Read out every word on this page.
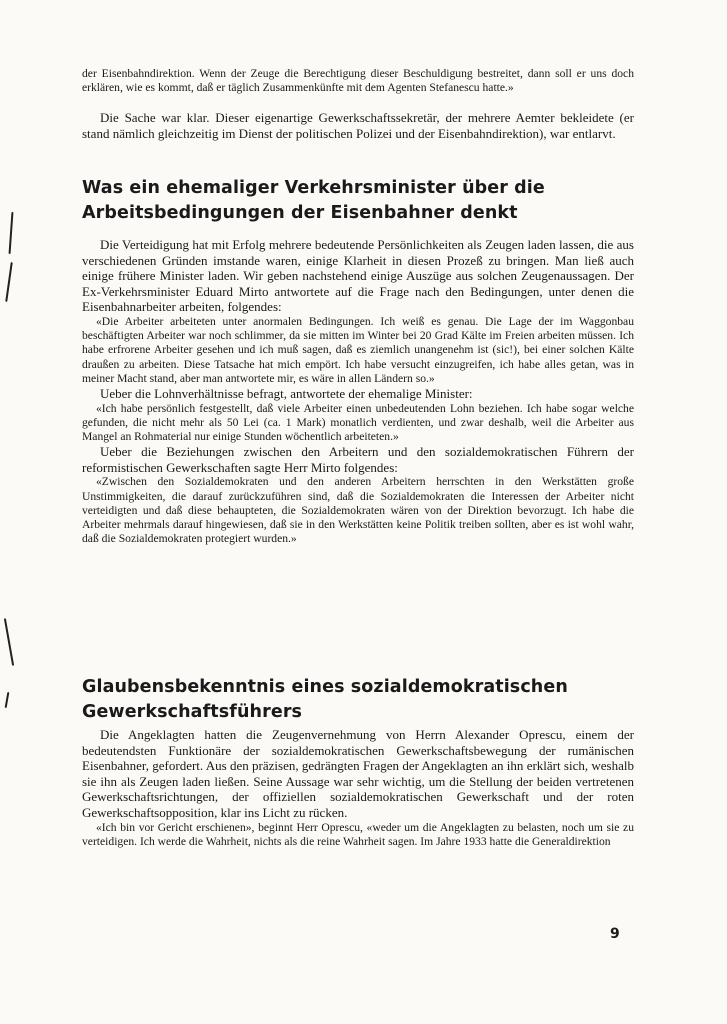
der Eisenbahndirektion. Wenn der Zeuge die Berechtigung dieser Beschuldigung bestreitet, dann soll er uns doch erklären, wie es kommt, daß er täglich Zusammenkünfte mit dem Agenten Stefanescu hatte.»

Die Sache war klar. Dieser eigenartige Gewerkschaftssekretär, der mehrere Aemter bekleidete (er stand nämlich gleichzeitig im Dienst der politischen Polizei und der Eisenbahndirektion), war entlarvt.

Was ein ehemaliger Verkehrsminister über die Arbeitsbedingungen der Eisenbahner denkt

Die Verteidigung hat mit Erfolg mehrere bedeutende Persönlichkeiten als Zeugen laden lassen, die aus verschiedenen Gründen imstande waren, einige Klarheit in diesen Prozeß zu bringen. Man ließ auch einige frühere Minister laden. Wir geben nachstehend einige Auszüge aus solchen Zeugenaussagen. Der Ex-Verkehrsminister Eduard Mirto antwortete auf die Frage nach den Bedingungen, unter denen die Eisenbahnarbeiter arbeiten, folgendes:

«Die Arbeiter arbeiteten unter anormalen Bedingungen. Ich weiß es genau. Die Lage der im Waggonbau beschäftigten Arbeiter war noch schlimmer, da sie mitten im Winter bei 20 Grad Kälte im Freien arbeiten müssen. Ich habe erfrorene Arbeiter gesehen und ich muß sagen, daß es ziemlich unangenehm ist (sic!), bei einer solchen Kälte draußen zu arbeiten. Diese Tatsache hat mich empört. Ich habe versucht einzugreifen, ich habe alles getan, was in meiner Macht stand, aber man antwortete mir, es wäre in allen Ländern so.»

Ueber die Lohnverhältnisse befragt, antwortete der ehemalige Minister:

«Ich habe persönlich festgestellt, daß viele Arbeiter einen unbedeutenden Lohn beziehen. Ich habe sogar welche gefunden, die nicht mehr als 50 Lei (ca. 1 Mark) monatlich verdienten, und zwar deshalb, weil die Arbeiter aus Mangel an Rohmaterial nur einige Stunden wöchentlich arbeiteten.»

Ueber die Beziehungen zwischen den Arbeitern und den sozialdemokratischen Führern der reformistischen Gewerkschaften sagte Herr Mirto folgendes:

«Zwischen den Sozialdemokraten und den anderen Arbeitern herrschten in den Werkstätten große Unstimmigkeiten, die darauf zurückzuführen sind, daß die Sozialdemokraten die Interessen der Arbeiter nicht verteidigten und daß diese behaupteten, die Sozialdemokraten wären von der Direktion bevorzugt. Ich habe die Arbeiter mehrmals darauf hingewiesen, daß sie in den Werkstätten keine Politik treiben sollten, aber es ist wohl wahr, daß die Sozialdemokraten protegiert wurden.»

Glaubensbekenntnis eines sozialdemokratischen Gewerkschaftsführers

Die Angeklagten hatten die Zeugenvernehmung von Herrn Alexander Oprescu, einem der bedeutendsten Funktionäre der sozialdemokratischen Gewerkschaftsbewegung der rumänischen Eisenbahner, gefordert. Aus den präzisen, gedrängten Fragen der Angeklagten an ihn erklärt sich, weshalb sie ihn als Zeugen laden ließen. Seine Aussage war sehr wichtig, um die Stellung der beiden vertretenen Gewerkschaftsrichtungen, der offiziellen sozialdemokratischen Gewerkschaft und der roten Gewerkschaftsopposition, klar ins Licht zu rücken.

«Ich bin vor Gericht erschienen», beginnt Herr Oprescu, «weder um die Angeklagten zu belasten, noch um sie zu verteidigen. Ich werde die Wahrheit, nichts als die reine Wahrheit sagen. Im Jahre 1933 hatte die Generaldirektion

9
